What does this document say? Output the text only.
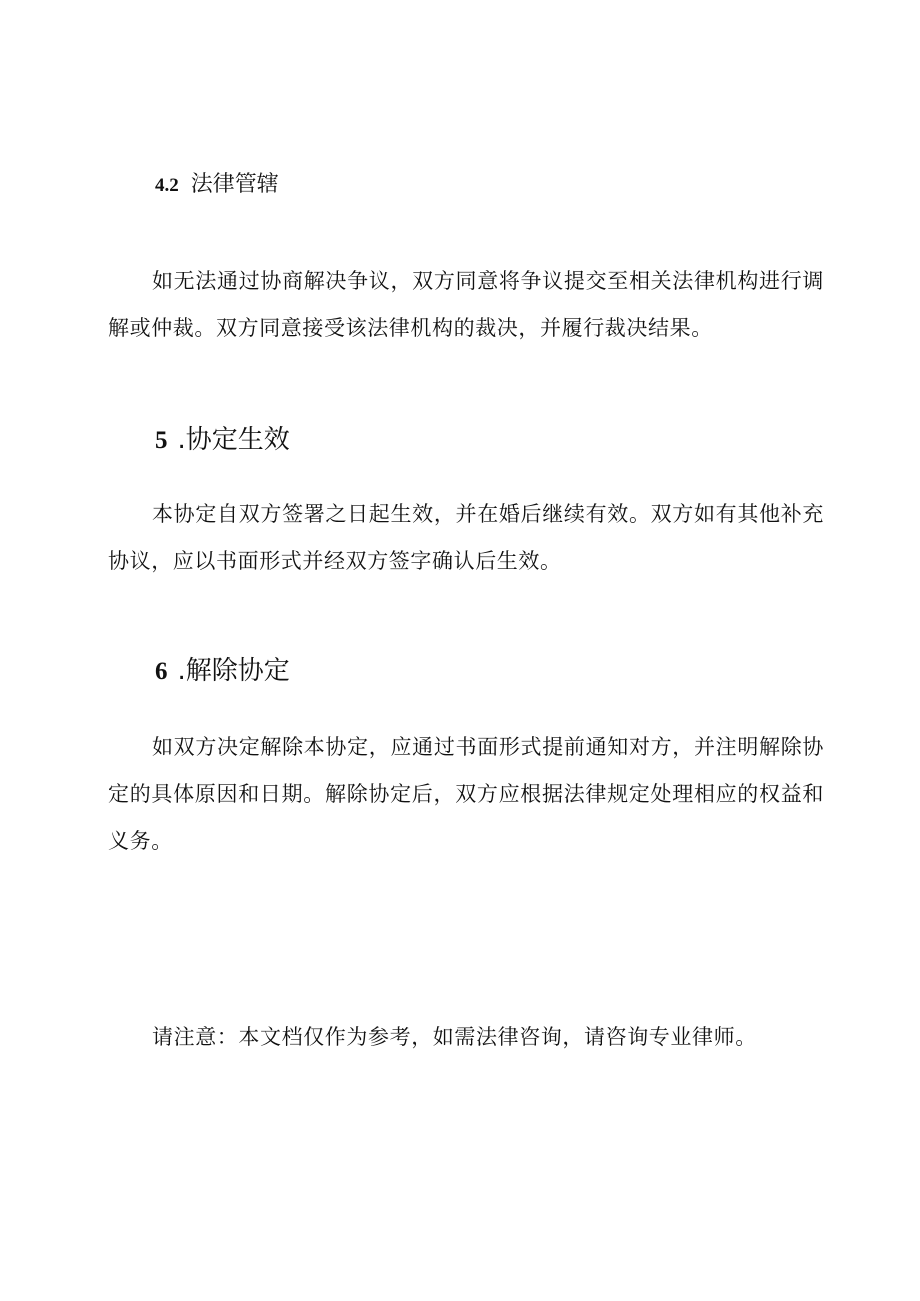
4.2 法律管辖
如无法通过协商解决争议，双方同意将争议提交至相关法律机构进行调解或仲裁。双方同意接受该法律机构的裁决，并履行裁决结果。
5 .协定生效
本协定自双方签署之日起生效，并在婚后继续有效。双方如有其他补充协议，应以书面形式并经双方签字确认后生效。
6 .解除协定
如双方决定解除本协定，应通过书面形式提前通知对方，并注明解除协定的具体原因和日期。解除协定后，双方应根据法律规定处理相应的权益和义务。
请注意：本文档仅作为参考，如需法律咨询，请咨询专业律师。
